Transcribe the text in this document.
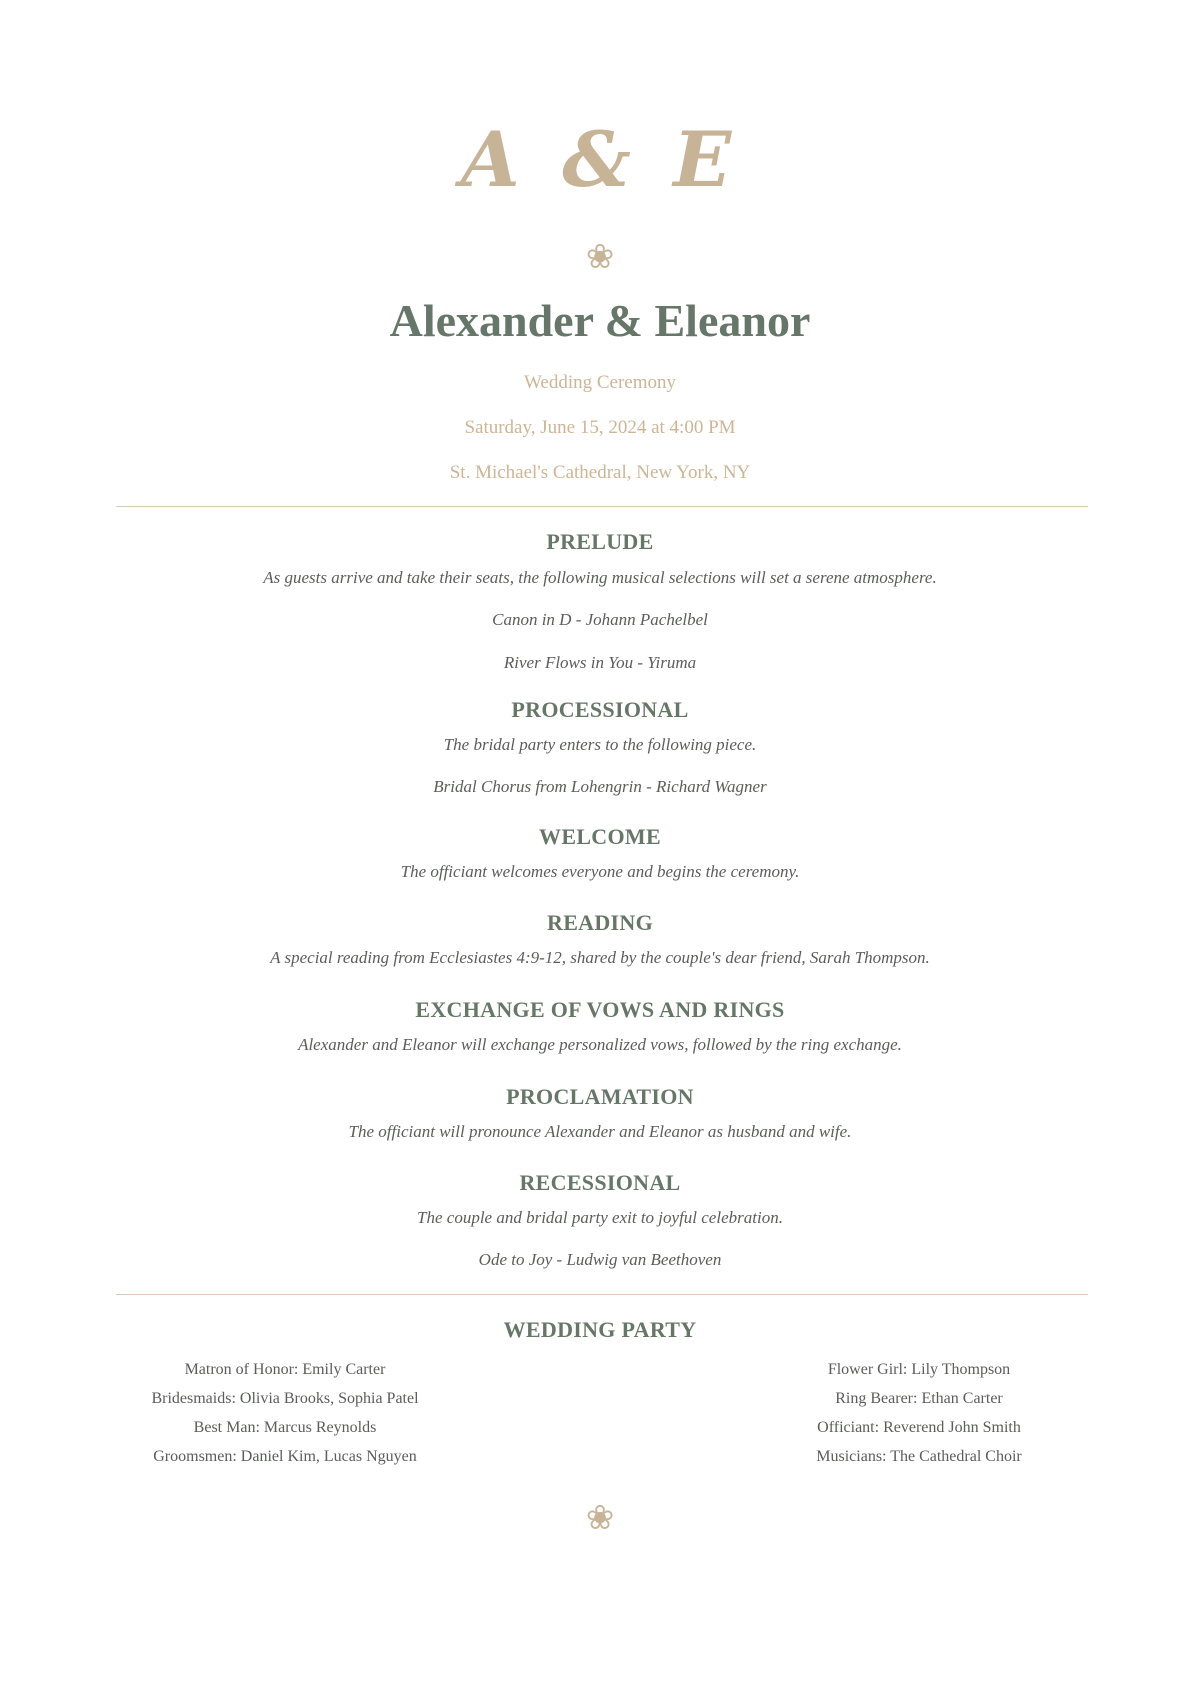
A & E
❀
Alexander & Eleanor
Wedding Ceremony
Saturday, June 15, 2024 at 4:00 PM
St. Michael's Cathedral, New York, NY
PRELUDE
As guests arrive and take their seats, the following musical selections will set a serene atmosphere.
Canon in D - Johann Pachelbel
River Flows in You - Yiruma
PROCESSIONAL
The bridal party enters to the following piece.
Bridal Chorus from Lohengrin - Richard Wagner
WELCOME
The officiant welcomes everyone and begins the ceremony.
READING
A special reading from Ecclesiastes 4:9-12, shared by the couple's dear friend, Sarah Thompson.
EXCHANGE OF VOWS AND RINGS
Alexander and Eleanor will exchange personalized vows, followed by the ring exchange.
PROCLAMATION
The officiant will pronounce Alexander and Eleanor as husband and wife.
RECESSIONAL
The couple and bridal party exit to joyful celebration.
Ode to Joy - Ludwig van Beethoven
WEDDING PARTY
Matron of Honor: Emily Carter
Bridesmaids: Olivia Brooks, Sophia Patel
Best Man: Marcus Reynolds
Groomsmen: Daniel Kim, Lucas Nguyen
Flower Girl: Lily Thompson
Ring Bearer: Ethan Carter
Officiant: Reverend John Smith
Musicians: The Cathedral Choir
❀
